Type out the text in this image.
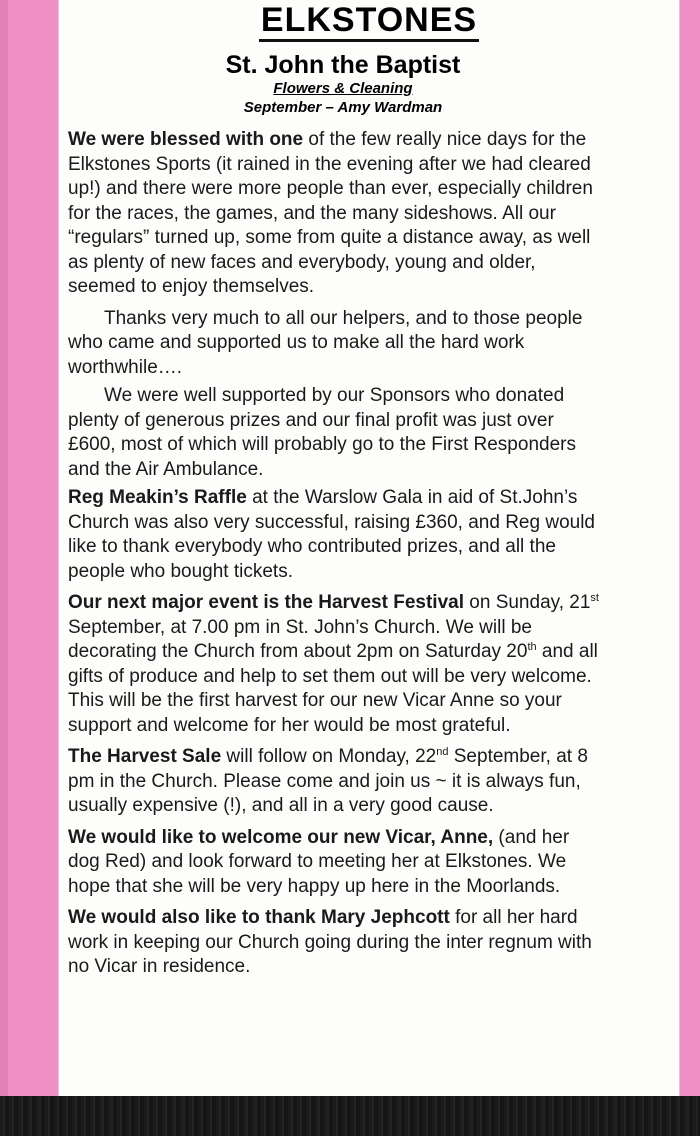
ELKSTONES
St. John the Baptist
Flowers & Cleaning
September – Amy Wardman

We were blessed with one of the few really nice days for the Elkstones Sports (it rained in the evening after we had cleared up!) and there were more people than ever, especially children for the races, the games, and the many sideshows. All our “regulars” turned up, some from quite a distance away, as well as plenty of new faces and everybody, young and older, seemed to enjoy themselves.

Thanks very much to all our helpers, and to those people who came and supported us to make all the hard work worthwhile….

We were well supported by our Sponsors who donated plenty of generous prizes and our final profit was just over £600, most of which will probably go to the First Responders and the Air Ambulance.

Reg Meakin’s Raffle at the Warslow Gala in aid of St.John’s Church was also very successful, raising £360, and Reg would like to thank everybody who contributed prizes, and all the people who bought tickets.

Our next major event is the Harvest Festival on Sunday, 21st September, at 7.00 pm in St. John’s Church. We will be decorating the Church from about 2pm on Saturday 20th and all gifts of produce and help to set them out will be very welcome. This will be the first harvest for our new Vicar Anne so your support and welcome for her would be most grateful.

The Harvest Sale will follow on Monday, 22nd September, at 8 pm in the Church. Please come and join us ~ it is always fun, usually expensive (!), and all in a very good cause.

We would like to welcome our new Vicar, Anne, (and her dog Red) and look forward to meeting her at Elkstones. We hope that she will be very happy up here in the Moorlands.

We would also like to thank Mary Jephcott for all her hard work in keeping our Church going during the inter regnum with no Vicar in residence.
